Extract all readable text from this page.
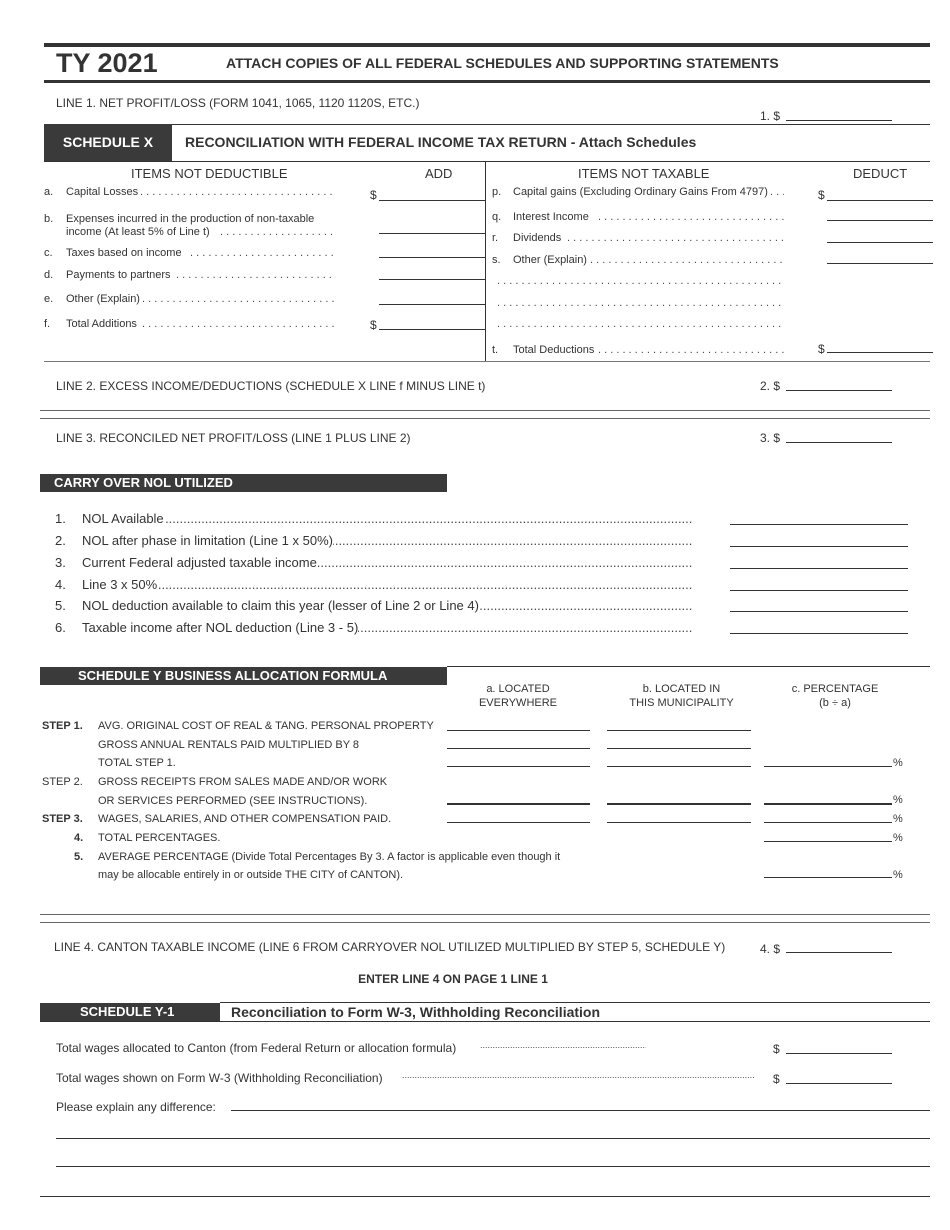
TY 2021	ATTACH COPIES OF ALL FEDERAL SCHEDULES AND SUPPORTING STATEMENTS
LINE 1. NET PROFIT/LOSS (FORM 1041, 1065, 1120 1120S, ETC.)
1. $
SCHEDULE X	RECONCILIATION WITH FEDERAL INCOME TAX RETURN - Attach Schedules
ITEMS NOT DEDUCTIBLE	ADD	ITEMS NOT TAXABLE	DEDUCT
a. Capital Losses . . .	$
b. Expenses incurred in the production of non-taxable
income (At least 5% of Line t)
. . .
c. Taxes based on income
. . .
d. Payments to partners
. . .
e. Other (Explain)
. . .
f. Total Additions . . .	$
p. Capital gains (Excluding Ordinary Gains From 4797) . . .	$
q. Interest Income
. . .
r. Dividends
. . .
s. Other (Explain)
. . .
. . .
. . .
. . .
t. Total Deductions . . .	$
LINE 2. EXCESS INCOME/DEDUCTIONS (SCHEDULE X LINE f MINUS LINE t)	2. $
LINE 3. RECONCILED NET PROFIT/LOSS (LINE 1 PLUS LINE 2)	3. $
CARRY OVER NOL UTILIZED
1. NOL Available
.....
2. NOL after phase in limitation (Line 1 x 50%)
.....
3. Current Federal adjusted taxable income
.....
4. Line 3 x 50%
.....
5. NOL deduction available to claim this year (lesser of Line 2 or Line 4)
.....
6. Taxable income after NOL deduction (Line 3 - 5)
.....
SCHEDULE Y BUSINESS ALLOCATION FORMULA
a. LOCATED
EVERYWHERE
b. LOCATED IN
THIS MUNICIPALITY
c. PERCENTAGE
(b ÷ a)
STEP 1. AVG. ORIGINAL COST OF REAL & TANG. PERSONAL PROPERTY
GROSS ANNUAL RENTALS PAID MULTIPLIED BY 8
TOTAL STEP 1.	%
STEP 2. GROSS RECEIPTS FROM SALES MADE AND/OR WORK
OR SERVICES PERFORMED (SEE INSTRUCTIONS).	%
STEP 3. WAGES, SALARIES, AND OTHER COMPENSATION PAID.	%
4. TOTAL PERCENTAGES.	%
5. AVERAGE PERCENTAGE (Divide Total Percentages By 3. A factor is applicable even though it
may be allocable entirely in or outside THE CITY of CANTON).	%
LINE 4. CANTON TAXABLE INCOME (LINE 6 FROM CARRYOVER NOL UTILIZED MULTIPLIED BY STEP 5, SCHEDULE Y)	4. $
ENTER LINE 4 ON PAGE 1 LINE 1
SCHEDULE Y-1	Reconciliation to Form W-3, Withholding Reconciliation
Total wages allocated to Canton (from Federal Return or allocation formula) .....	$
Total wages shown on Form W-3 (Withholding Reconciliation) .....	$
Please explain any difference:
